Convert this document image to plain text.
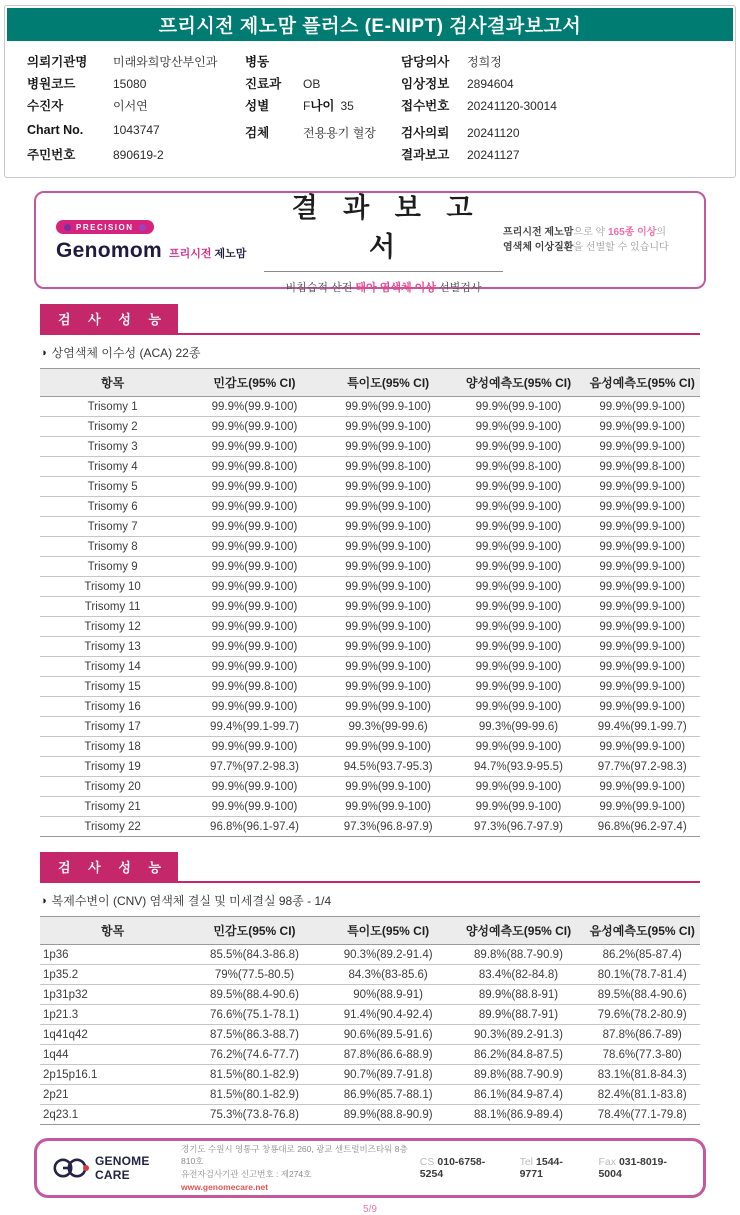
프리시전 제노맘 플러스 (E-NIPT) 검사결과보고서
의뢰기관명	미래와희망산부인과
병원코드	15080
수진자	이서연
Chart No.	1043747
주민번호	890619-2
병동
진료과	OB
성별	F 나이 35
검체	전용용기 혈장
담당의사	정희정
임상정보	2894604
접수번호	20241120-30014
검사의뢰	20241120
결과보고	20241127
PRECISION
Genomom 프리시전 제노맘
결 과 보 고 서
비침습적 산전 태아 염색체 이상 선별검사
프리시전 제노맘으로 약 165종 이상의
염색체 이상질환을 선별할 수 있습니다
검 사 성 능
◑ 상염색체 이수성 (ACA) 22종
항목	민감도(95% CI)	특이도(95% CI)	양성예측도(95% CI)	음성예측도(95% CI)
Trisomy 1	99.9%(99.9-100)	99.9%(99.9-100)	99.9%(99.9-100)	99.9%(99.9-100)
Trisomy 2	99.9%(99.9-100)	99.9%(99.9-100)	99.9%(99.9-100)	99.9%(99.9-100)
Trisomy 3	99.9%(99.9-100)	99.9%(99.9-100)	99.9%(99.9-100)	99.9%(99.9-100)
Trisomy 4	99.9%(99.8-100)	99.9%(99.8-100)	99.9%(99.8-100)	99.9%(99.8-100)
Trisomy 5	99.9%(99.9-100)	99.9%(99.9-100)	99.9%(99.9-100)	99.9%(99.9-100)
Trisomy 6	99.9%(99.9-100)	99.9%(99.9-100)	99.9%(99.9-100)	99.9%(99.9-100)
Trisomy 7	99.9%(99.9-100)	99.9%(99.9-100)	99.9%(99.9-100)	99.9%(99.9-100)
Trisomy 8	99.9%(99.9-100)	99.9%(99.9-100)	99.9%(99.9-100)	99.9%(99.9-100)
Trisomy 9	99.9%(99.9-100)	99.9%(99.9-100)	99.9%(99.9-100)	99.9%(99.9-100)
Trisomy 10	99.9%(99.9-100)	99.9%(99.9-100)	99.9%(99.9-100)	99.9%(99.9-100)
Trisomy 11	99.9%(99.9-100)	99.9%(99.9-100)	99.9%(99.9-100)	99.9%(99.9-100)
Trisomy 12	99.9%(99.9-100)	99.9%(99.9-100)	99.9%(99.9-100)	99.9%(99.9-100)
Trisomy 13	99.9%(99.9-100)	99.9%(99.9-100)	99.9%(99.9-100)	99.9%(99.9-100)
Trisomy 14	99.9%(99.9-100)	99.9%(99.9-100)	99.9%(99.9-100)	99.9%(99.9-100)
Trisomy 15	99.9%(99.8-100)	99.9%(99.9-100)	99.9%(99.9-100)	99.9%(99.9-100)
Trisomy 16	99.9%(99.9-100)	99.9%(99.9-100)	99.9%(99.9-100)	99.9%(99.9-100)
Trisomy 17	99.4%(99.1-99.7)	99.3%(99-99.6)	99.3%(99-99.6)	99.4%(99.1-99.7)
Trisomy 18	99.9%(99.9-100)	99.9%(99.9-100)	99.9%(99.9-100)	99.9%(99.9-100)
Trisomy 19	97.7%(97.2-98.3)	94.5%(93.7-95.3)	94.7%(93.9-95.5)	97.7%(97.2-98.3)
Trisomy 20	99.9%(99.9-100)	99.9%(99.9-100)	99.9%(99.9-100)	99.9%(99.9-100)
Trisomy 21	99.9%(99.9-100)	99.9%(99.9-100)	99.9%(99.9-100)	99.9%(99.9-100)
Trisomy 22	96.8%(96.1-97.4)	97.3%(96.8-97.9)	97.3%(96.7-97.9)	96.8%(96.2-97.4)
검 사 성 능
◑ 복제수변이 (CNV) 염색체 결실 및 미세결실 98종 - 1/4
항목	민감도(95% CI)	특이도(95% CI)	양성예측도(95% CI)	음성예측도(95% CI)
1p36	85.5%(84.3-86.8)	90.3%(89.2-91.4)	89.8%(88.7-90.9)	86.2%(85-87.4)
1p35.2	79%(77.5-80.5)	84.3%(83-85.6)	83.4%(82-84.8)	80.1%(78.7-81.4)
1p31p32	89.5%(88.4-90.6)	90%(88.9-91)	89.9%(88.8-91)	89.5%(88.4-90.6)
1p21.3	76.6%(75.1-78.1)	91.4%(90.4-92.4)	89.9%(88.7-91)	79.6%(78.2-80.9)
1q41q42	87.5%(86.3-88.7)	90.6%(89.5-91.6)	90.3%(89.2-91.3)	87.8%(86.7-89)
1q44	76.2%(74.6-77.7)	87.8%(86.6-88.9)	86.2%(84.8-87.5)	78.6%(77.3-80)
2p15p16.1	81.5%(80.1-82.9)	90.7%(89.7-91.8)	89.8%(88.7-90.9)	83.1%(81.8-84.3)
2p21	81.5%(80.1-82.9)	86.9%(85.7-88.1)	86.1%(84.9-87.4)	82.4%(81.1-83.8)
2q23.1	75.3%(73.8-76.8)	89.9%(88.8-90.9)	88.1%(86.9-89.4)	78.4%(77.1-79.8)
GENOME CARE
경기도 수원시 영통구 창룡대로 260, 광교 센트럴비즈타워 8층 810호
유전자검사기관 신고번호 : 제274호
www.genomecare.net
CS 010-6758-5254
Tel 1544-9771
Fax 031-8019-5004
5/9
